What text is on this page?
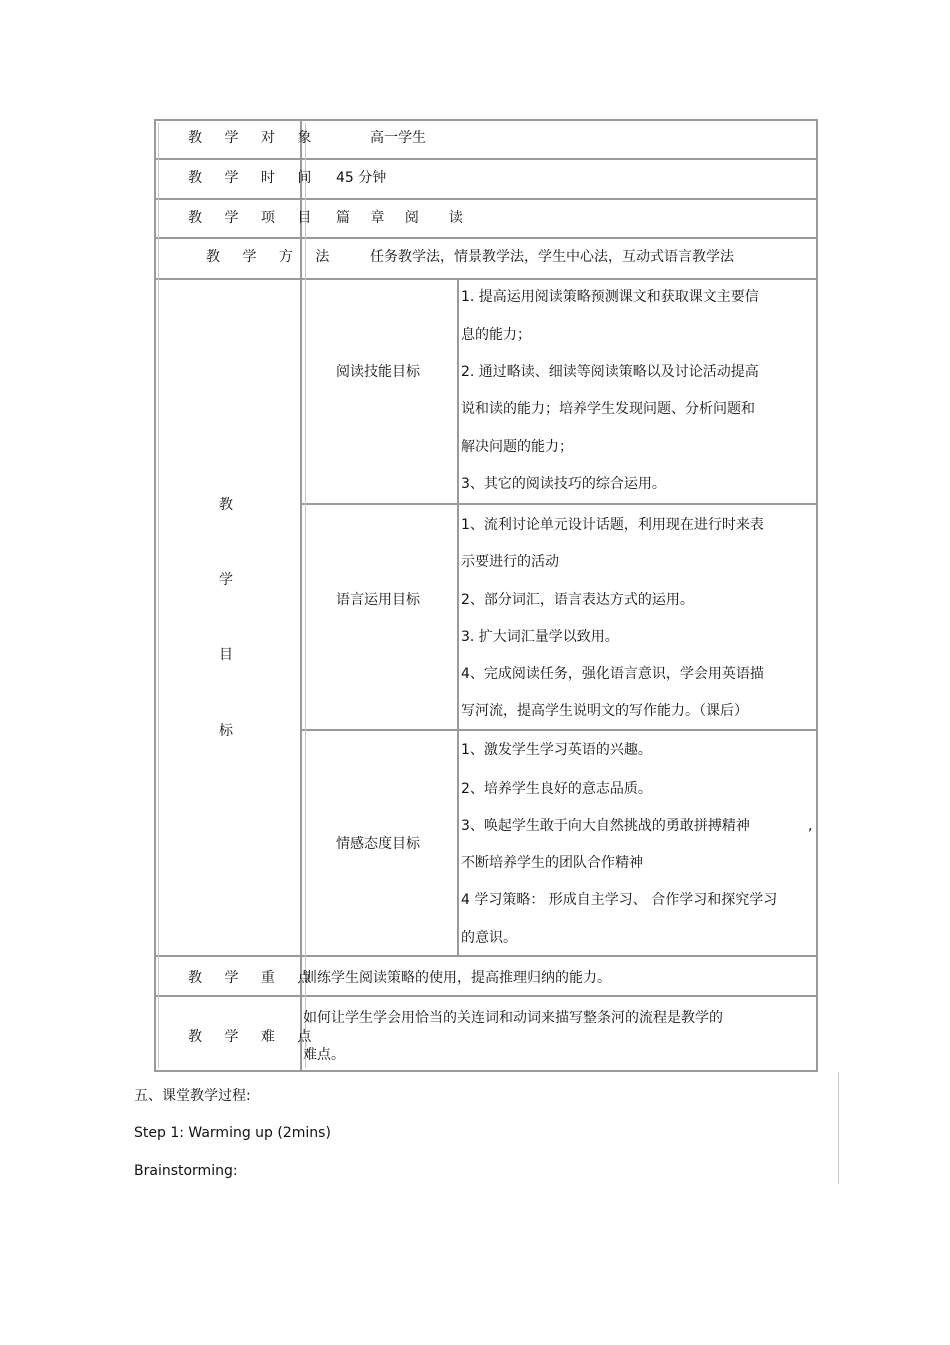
教 学 对 象	高一学生
教 学 时 间 45 分钟
教 学 项 目 篇 章 阅　读
教 学 方 法 任务教学法，情景教学法，学生中心法，互动式语言教学法
教
学
目
标
阅读技能目标
1. 提高运用阅读策略预测课文和获取课文主要信
息的能力；
2. 通过略读、细读等阅读策略以及讨论活动提高
说和读的能力；培养学生发现问题、分析问题和
解决问题的能力；
3、其它的阅读技巧的综合运用。
语言运用目标
1、流利讨论单元设计话题，利用现在进行时来表
示要进行的活动
2、部分词汇，语言表达方式的运用。
3. 扩大词汇量学以致用。
4、完成阅读任务，强化语言意识，学会用英语描
写河流，提高学生说明文的写作能力。（课后）
情感态度目标
1、激发学生学习英语的兴趣。
2、培养学生良好的意志品质。
3、唤起学生敢于向大自然挑战的勇敢拼搏精神	,
不断培养学生的团队合作精神
4 学习策略： 形成自主学习、 合作学习和探究学习
的意识。
教 学 重 点
训练学生阅读策略的使用，提高推理归纳的能力。
教 学 难 点
如何让学生学会用恰当的关连词和动词来描写整条河的流程是教学的
难点。
五、课堂教学过程:
Step 1: Warming up (2mins)
Brainstorming:
